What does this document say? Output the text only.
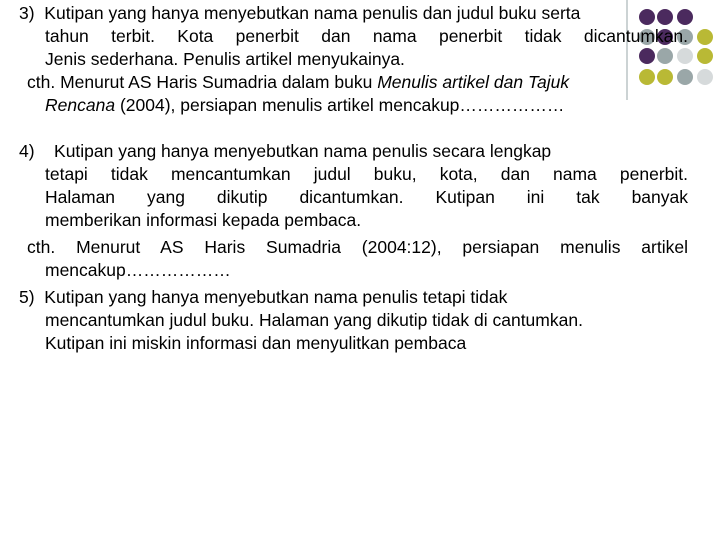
3) Kutipan yang hanya menyebutkan nama penulis dan judul buku serta
tahun terbit. Kota penerbit dan nama penerbit tidak dicantumkan.
Jenis sederhana. Penulis artikel menyukainya.
cth. Menurut AS Haris Sumadria dalam buku Menulis artikel dan Tajuk
Rencana (2004), persiapan menulis artikel mencakup………………
4) Kutipan yang hanya menyebutkan nama penulis secara lengkap
tetapi tidak mencantumkan judul buku, kota, dan nama penerbit.
Halaman yang dikutip dicantumkan. Kutipan ini tak banyak
memberikan informasi kepada pembaca.
cth. Menurut AS Haris Sumadria (2004:12), persiapan menulis artikel
mencakup………………
5) Kutipan yang hanya menyebutkan nama penulis tetapi tidak
mencantumkan judul buku. Halaman yang dikutip tidak di cantumkan.
Kutipan ini miskin informasi dan menyulitkan pembaca
